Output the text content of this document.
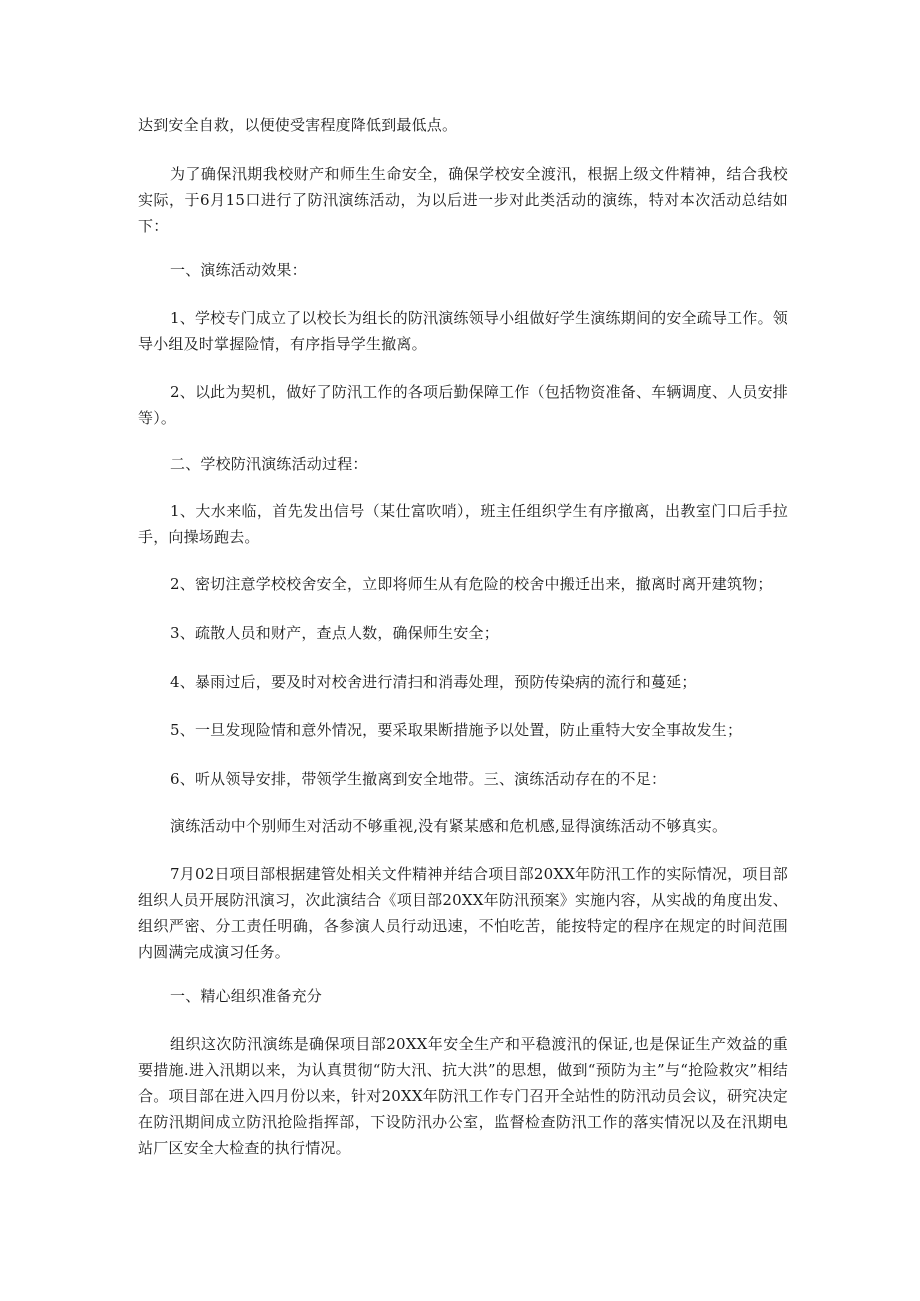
达到安全自救，以便使受害程度降低到最低点。

为了确保汛期我校财产和师生生命安全，确保学校安全渡汛，根据上级文件精神，结合我校实际，于6月15口进行了防汛演练活动，为以后进一步对此类活动的演练，特对本次活动总结如下：

一、演练活动效果：

1、学校专门成立了以校长为组长的防汛演练领导小组做好学生演练期间的安全疏导工作。领导小组及时掌握险情，有序指导学生撤离。

2、以此为契机，做好了防汛工作的各项后勤保障工作（包括物资准备、车辆调度、人员安排等）。

二、学校防汛演练活动过程：

1、大水来临，首先发出信号（某仕富吹哨），班主任组织学生有序撤离，出教室门口后手拉手，向操场跑去。

2、密切注意学校校舍安全，立即将师生从有危险的校舍中搬迁出来，撤离时离开建筑物；

3、疏散人员和财产，查点人数，确保师生安全；

4、暴雨过后，要及时对校舍进行清扫和消毒处理，预防传染病的流行和蔓延；

5、一旦发现险情和意外情况，要采取果断措施予以处置，防止重特大安全事故发生；

6、听从领导安排，带领学生撤离到安全地带。三、演练活动存在的不足：

演练活动中个别师生对活动不够重视,没有紧某感和危机感,显得演练活动不够真实。

7月02日项目部根据建管处相关文件精神并结合项目部20XX年防汛工作的实际情况，项目部组织人员开展防汛演习，次此演结合《项目部20XX年防汛预案》实施内容，从实战的角度出发、组织严密、分工责任明确，各参演人员行动迅速，不怕吃苦，能按特定的程序在规定的时间范围内圆满完成演习任务。

一、精心组织准备充分

组织这次防汛演练是确保项目部20XX年安全生产和平稳渡汛的保证,也是保证生产效益的重要措施.进入汛期以来，为认真贯彻“防大汛、抗大洪”的思想，做到“预防为主”与“抢险救灾”相结合。项目部在进入四月份以来，针对20XX年防汛工作专门召开全站性的防汛动员会议，研究决定在防汛期间成立防汛抢险指挥部，下设防汛办公室，监督检查防汛工作的落实情况以及在汛期电站厂区安全大检查的执行情况。
